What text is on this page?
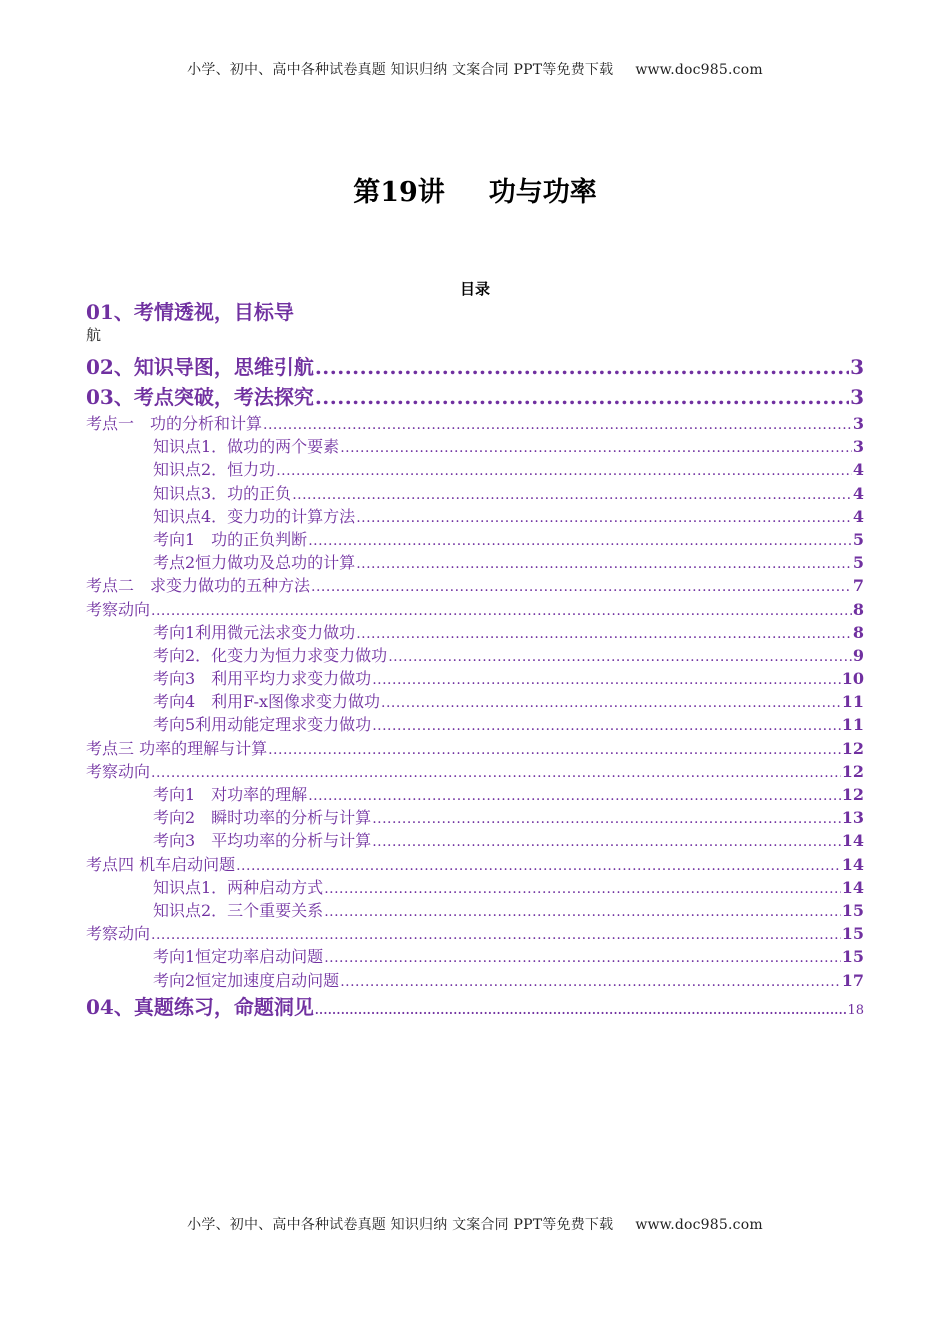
小学、初中、高中各种试卷真题 知识归纳 文案合同 PPT等免费下载 www.doc985.com
第19讲 功与功率
目录
01、考情透视，目标导
航
02、知识导图，思维引航 .....	3
03、考点突破，考法探究 .....	3
考点一　功的分析和计算 .....	3
知识点1．做功的两个要素 .....	3
知识点2．恒力功 .....	4
知识点3．功的正负 .....	4
知识点4．变力功的计算方法 .....	4
考向1　功的正负判断 .....	5
考点2恒力做功及总功的计算 .....	5
考点二　求变力做功的五种方法 .....	7
考察动向 .....	8
考向1利用微元法求变力做功 .....	8
考向2．化变力为恒力求变力做功 .....	9
考向3　利用平均力求变力做功 .....	10
考向4　利用F-x图像求变力做功 .....	11
考向5利用动能定理求变力做功 .....	11
考点三 功率的理解与计算 .....	12
考察动向 .....	12
考向1　对功率的理解 .....	12
考向2　瞬时功率的分析与计算 .....	13
考向3　平均功率的分析与计算 .....	14
考点四 机车启动问题 .....	14
知识点1．两种启动方式 .....	14
知识点2．三个重要关系 .....	15
考察动向 .....	15
考向1恒定功率启动问题 .....	15
考向2恒定加速度启动问题 .....	17
04、真题练习，命题洞见 .....	18
小学、初中、高中各种试卷真题 知识归纳 文案合同 PPT等免费下载 www.doc985.com
